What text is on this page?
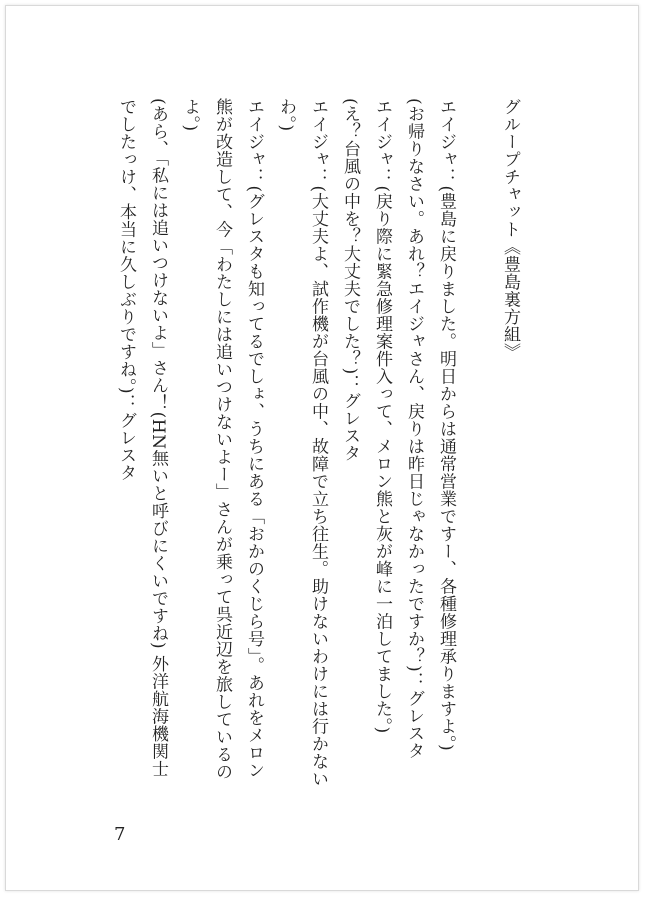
グループチャット《豊島裏方組》

エイジャ：(豊島に戻りました。明日からは通常営業ですー、各種修理承りますよ。)

(お帰りなさい。あれ？エイジャさん、戻りは昨日じゃなかったですか？)：グレスタ

エイジャ：(戻り際に緊急修理案件入って、メロン熊と灰が峰に一泊してました。)

(え？台風の中を？大丈夫でした？)：グレスタ

エイジャ：(大丈夫よ、試作機が台風の中、故障で立ち往生。助けないわけには行かないわ。)

エイジャ：(グレスタも知ってるでしょ、うちにある「おかのくじら号」。あれをメロン熊が改造して、今「わたしには追いつけないよー」さんが乗って呉近辺を旅しているのよ。)

(あら、「私には追いつけないよ」さん！(HN無いと呼びにくいですね) 外洋航海機関士でしたっけ、本当に久しぶりですね。)：グレスタ

7
